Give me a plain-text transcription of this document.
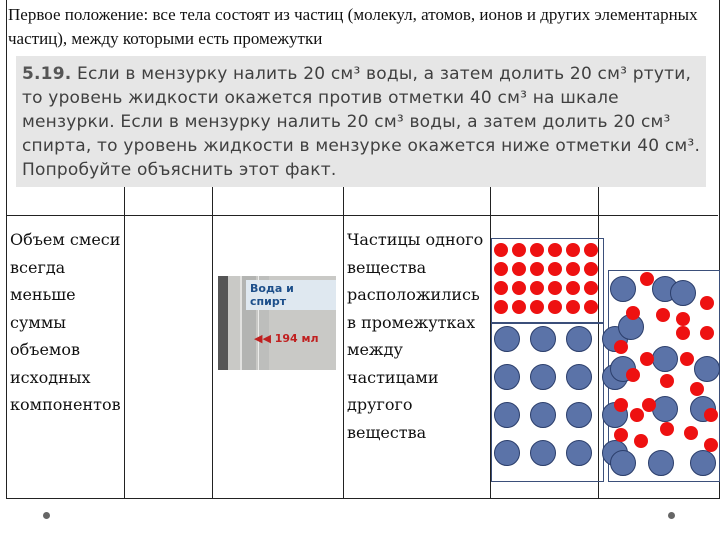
Первое положение: все тела состоят из частиц (молекул, атомов, ионов и других элементарных частиц), между которыми есть промежутки
5.19. Если в мензурку налить 20 см³ воды, а затем долить 20 см³ ртути, то уровень жидкости окажется против отметки 40 см³ на шкале мензурки. Если в мензурку налить 20 см³ воды, а затем долить 20 см³ спирта, то уровень жидкости в мензурке окажется ниже отметки 40 см³. Попробуйте объяснить этот факт.
Объем смеси всегда меньше суммы объемов исходных компонентов
Вода и спирт
◀◀ 194 мл
Частицы одного вещества расположились в промежутках между частицами другого вещества
